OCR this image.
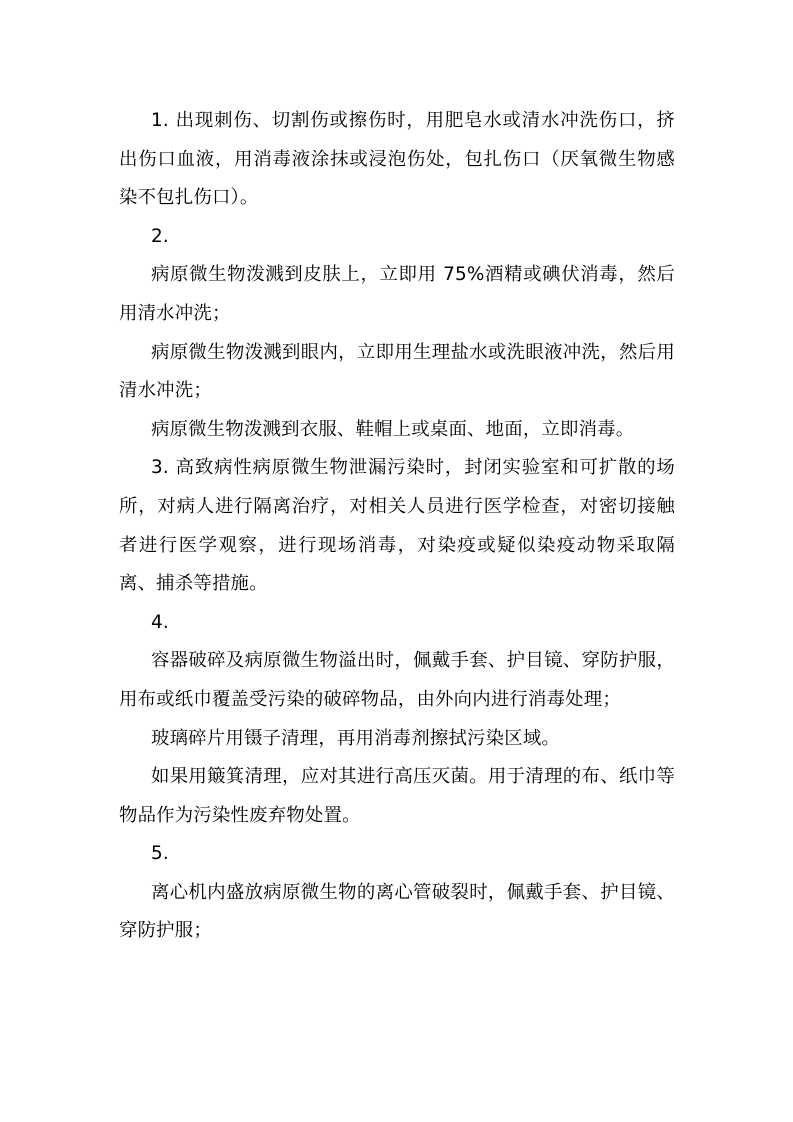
1. 出现刺伤、切割伤或擦伤时，用肥皂水或清水冲洗伤口，挤出伤口血液，用消毒液涂抹或浸泡伤处，包扎伤口（厌氧微生物感染不包扎伤口）。

2.

病原微生物泼溅到皮肤上，立即用 75%酒精或碘伏消毒，然后用清水冲洗；

病原微生物泼溅到眼内，立即用生理盐水或洗眼液冲洗，然后用清水冲洗；

病原微生物泼溅到衣服、鞋帽上或桌面、地面，立即消毒。

3. 高致病性病原微生物泄漏污染时，封闭实验室和可扩散的场所，对病人进行隔离治疗，对相关人员进行医学检查，对密切接触者进行医学观察，进行现场消毒，对染疫或疑似染疫动物采取隔离、捕杀等措施。

4.

容器破碎及病原微生物溢出时，佩戴手套、护目镜、穿防护服，用布或纸巾覆盖受污染的破碎物品，由外向内进行消毒处理；

玻璃碎片用镊子清理，再用消毒剂擦拭污染区域。

如果用簸箕清理，应对其进行高压灭菌。用于清理的布、纸巾等物品作为污染性废弃物处置。

5.

离心机内盛放病原微生物的离心管破裂时，佩戴手套、护目镜、穿防护服；
